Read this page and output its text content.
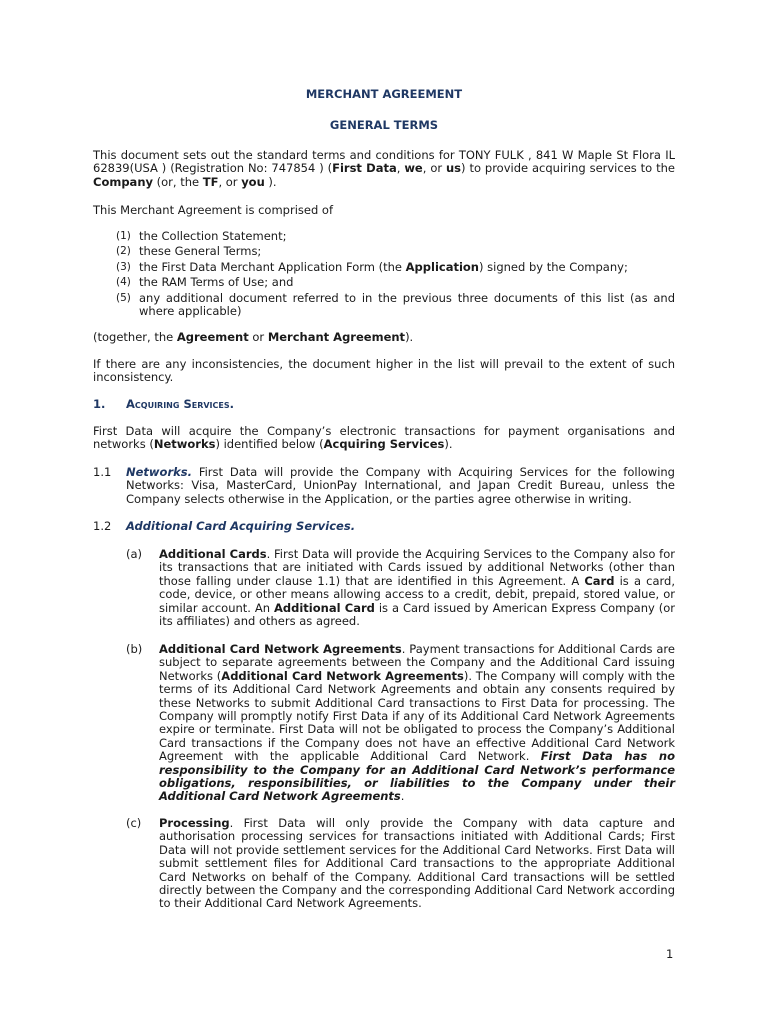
MERCHANT AGREEMENT
GENERAL TERMS
This document sets out the standard terms and conditions for TONY FULK , 841 W Maple St Flora IL 62839(USA ) (Registration No: 747854 ) (First Data, we, or us) to provide acquiring services to the Company (or, the TF, or you ).
This Merchant Agreement is comprised of
(1) the Collection Statement;
(2) these General Terms;
(3) the First Data Merchant Application Form (the Application) signed by the Company;
(4) the RAM Terms of Use; and
(5) any additional document referred to in the previous three documents of this list (as and where applicable)
(together, the Agreement or Merchant Agreement).
If there are any inconsistencies, the document higher in the list will prevail to the extent of such inconsistency.
1. Acquiring Services.
First Data will acquire the Company’s electronic transactions for payment organisations and networks (Networks) identified below (Acquiring Services).
1.1 Networks. First Data will provide the Company with Acquiring Services for the following Networks: Visa, MasterCard, UnionPay International, and Japan Credit Bureau, unless the Company selects otherwise in the Application, or the parties agree otherwise in writing.
1.2 Additional Card Acquiring Services.
(a) Additional Cards. First Data will provide the Acquiring Services to the Company also for its transactions that are initiated with Cards issued by additional Networks (other than those falling under clause 1.1) that are identified in this Agreement. A Card is a card, code, device, or other means allowing access to a credit, debit, prepaid, stored value, or similar account. An Additional Card is a Card issued by American Express Company (or its affiliates) and others as agreed.
(b) Additional Card Network Agreements. Payment transactions for Additional Cards are subject to separate agreements between the Company and the Additional Card issuing Networks (Additional Card Network Agreements). The Company will comply with the terms of its Additional Card Network Agreements and obtain any consents required by these Networks to submit Additional Card transactions to First Data for processing. The Company will promptly notify First Data if any of its Additional Card Network Agreements expire or terminate. First Data will not be obligated to process the Company’s Additional Card transactions if the Company does not have an effective Additional Card Network Agreement with the applicable Additional Card Network. First Data has no responsibility to the Company for an Additional Card Network’s performance obligations, responsibilities, or liabilities to the Company under their Additional Card Network Agreements.
(c) Processing. First Data will only provide the Company with data capture and authorisation processing services for transactions initiated with Additional Cards; First Data will not provide settlement services for the Additional Card Networks. First Data will submit settlement files for Additional Card transactions to the appropriate Additional Card Networks on behalf of the Company. Additional Card transactions will be settled directly between the Company and the corresponding Additional Card Network according to their Additional Card Network Agreements.
1
